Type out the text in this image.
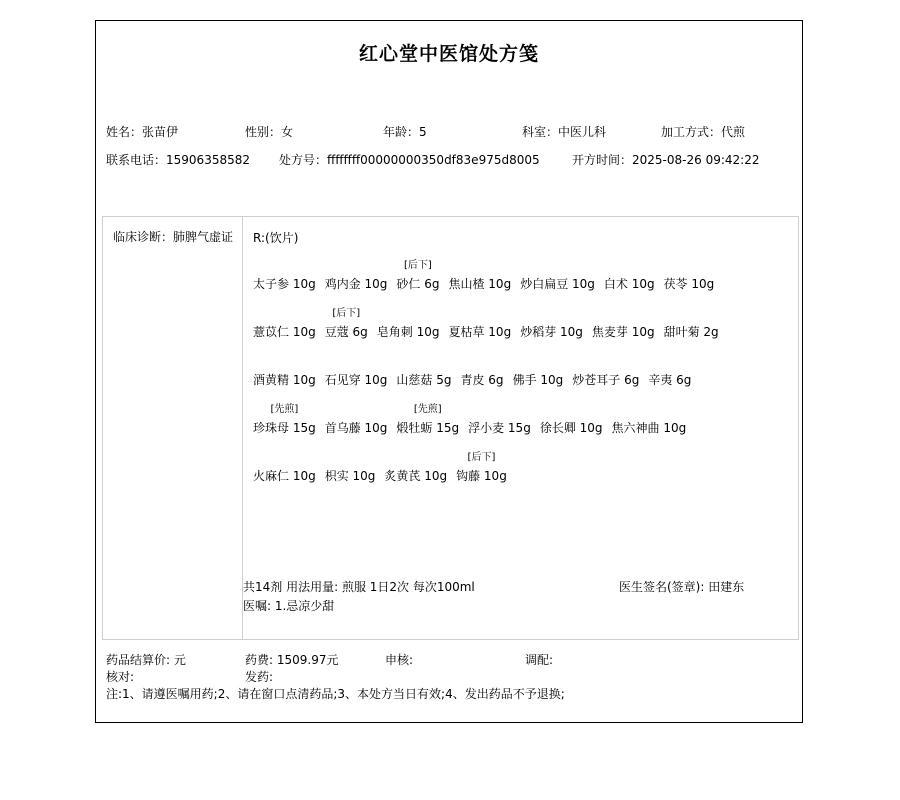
红心堂中医馆处方笺
姓名：张苗伊	性别：女	年龄：5	科室：中医儿科	加工方式：代煎
联系电话：15906358582 处方号：ffffffff00000000350df83e975d8005	开方时间：2025-08-26 09:42:22
临床诊断：肺脾气虚证 R:(饮片)
太子参 10g 鸡内金 10g 砂仁 6g
[后下]
焦山楂 10g 炒白扁豆 10g 白术 10g 茯苓 10g
薏苡仁 10g 豆蔻 6g
[后下]
皂角刺 10g 夏枯草 10g 炒稻芽 10g 焦麦芽 10g 甜叶菊 2g
酒黄精 10g 石见穿 10g 山慈菇 5g 青皮 6g 佛手 10g 炒苍耳子 6g 辛夷 6g
珍珠母 15g
[先煎]
首乌藤 10g 煅牡蛎 15g
[先煎]
浮小麦 15g 徐长卿 10g 焦六神曲 10g
火麻仁 10g 枳实 10g 炙黄芪 10g 钩藤 10g
[后下]
共14剂 用法用量: 煎服 1日2次 每次100ml	医生签名(签章): 田建东
医嘱: 1.忌凉少甜
药品结算价: 元	药费: 1509.97元	申核:	调配:
核对:	发药:
注:1、请遵医嘱用药;2、请在窗口点清药品;3、本处方当日有效;4、发出药品不予退换;
